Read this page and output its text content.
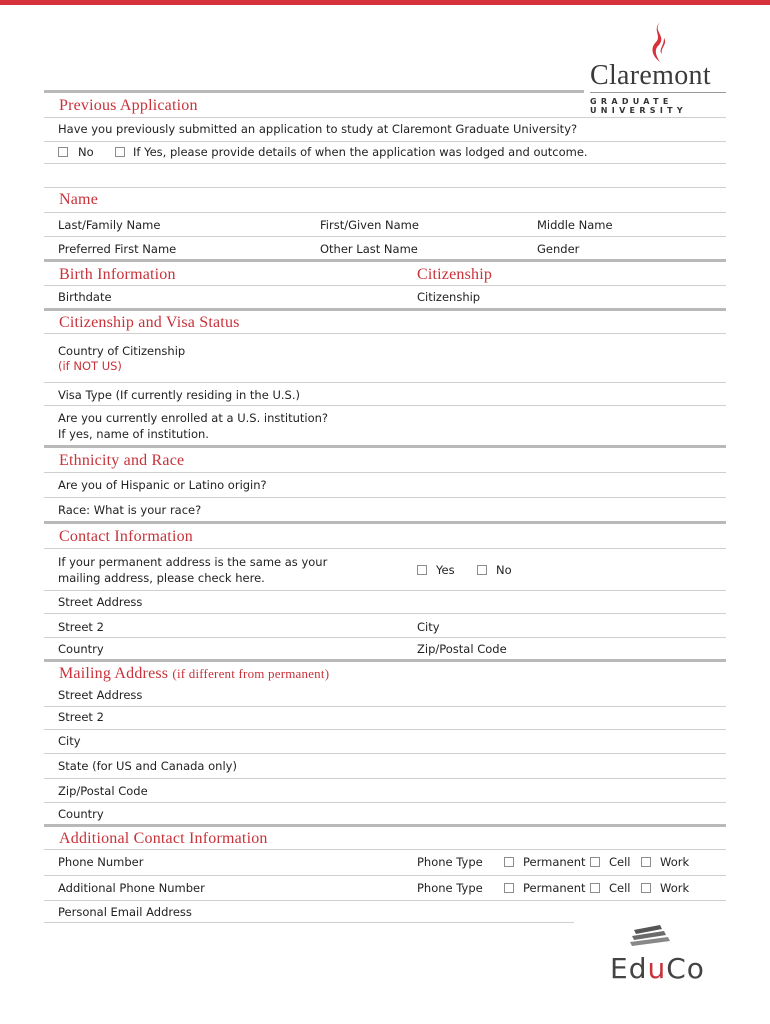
Claremont
GRADUATE UNIVERSITY
Previous Application
Have you previously submitted an application to study at Claremont Graduate University?
No	If Yes, please provide details of when the application was lodged and outcome.
Name
Last/Family Name	First/Given Name	Middle Name
Preferred First Name	Other Last Name	Gender
Birth Information	Citizenship
Birthdate	Citizenship
Citizenship and Visa Status
Country of Citizenship
(if NOT US)
Visa Type (If currently residing in the U.S.)
Are you currently enrolled at a U.S. institution?
If yes, name of institution.
Ethnicity and Race
Are you of Hispanic or Latino origin?
Race: What is your race?
Contact Information
If your permanent address is the same as your
mailing address, please check here.
Yes	No
Street Address
Street 2	City
Country	Zip/Postal Code
Mailing Address (if different from permanent)
Street Address
Street 2
City
State (for US and Canada only)
Zip/Postal Code
Country
Additional Contact Information
Phone Number	Phone Type	Permanent Cell	Work
Additional Phone Number	Phone Type	Permanent Cell	Work
Personal Email Address
EduCo
